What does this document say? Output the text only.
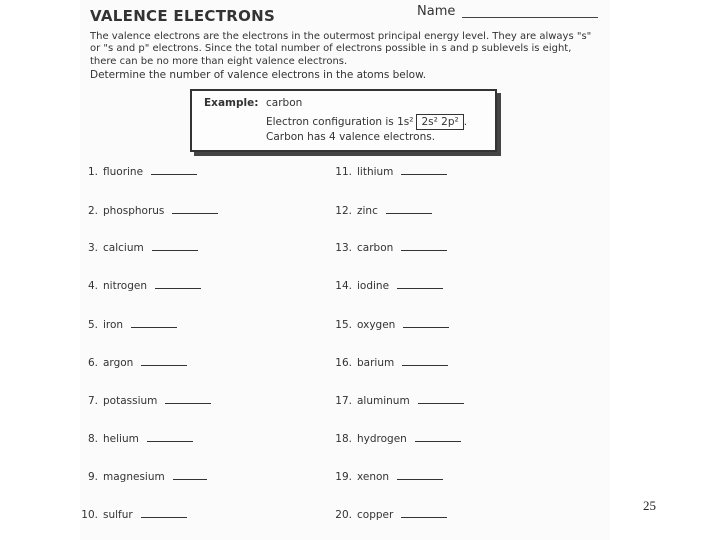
VALENCE ELECTRONS	Name
The valence electrons are the electrons in the outermost principal energy level. They are always "s" or "s and p" electrons. Since the total number of electrons possible in s and p sublevels is eight, there can be no more than eight valence electrons.
Determine the number of valence electrons in the atoms below.
Example: carbon
Electron configuration is 1s² 2s² 2p² .
Carbon has 4 valence electrons.
1. fluorine
2. phosphorus
3. calcium
4. nitrogen
5. iron
6. argon
7. potassium
8. helium
9. magnesium
10. sulfur
11. lithium
12. zinc
13. carbon
14. iodine
15. oxygen
16. barium
17. aluminum
18. hydrogen
19. xenon
20. copper
25
